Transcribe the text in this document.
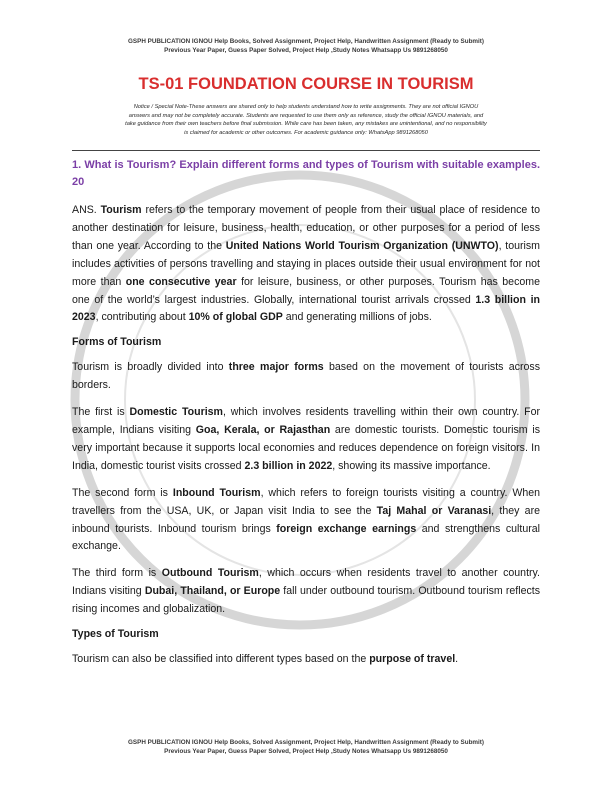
GSPH PUBLICATION IGNOU Help Books, Solved Assignment, Project Help, Handwritten Assignment (Ready to Submit)
Previous Year Paper, Guess Paper Solved, Project Help ,Study Notes Whatsapp Us 9891268050
TS-01 FOUNDATION COURSE IN TOURISM
Notice / Special Note-These answers are shared only to help students understand how to write assignments. They are not official IGNOU
answers and may not be completely accurate. Students are requested to use them only as reference, study the official IGNOU materials, and
take guidance from their own teachers before final submission. While care has been taken, any mistakes are unintentional, and no responsibility
is claimed for academic or other outcomes. For academic guidance only: WhatsApp 9891268050
1. What is Tourism? Explain different forms and types of Tourism with suitable examples. 20

ANS. Tourism refers to the temporary movement of people from their usual place of residence to another destination for leisure, business, health, education, or other purposes for a period of less than one year. According to the United Nations World Tourism Organization (UNWTO), tourism includes activities of persons travelling and staying in places outside their usual environment for not more than one consecutive year for leisure, business, or other purposes. Tourism has become one of the world’s largest industries. Globally, international tourist arrivals crossed 1.3 billion in 2023, contributing about 10% of global GDP and generating millions of jobs.

Forms of Tourism

Tourism is broadly divided into three major forms based on the movement of tourists across borders.

The first is Domestic Tourism, which involves residents travelling within their own country. For example, Indians visiting Goa, Kerala, or Rajasthan are domestic tourists. Domestic tourism is very important because it supports local economies and reduces dependence on foreign visitors. In India, domestic tourist visits crossed 2.3 billion in 2022, showing its massive importance.

The second form is Inbound Tourism, which refers to foreign tourists visiting a country. When travellers from the USA, UK, or Japan visit India to see the Taj Mahal or Varanasi, they are inbound tourists. Inbound tourism brings foreign exchange earnings and strengthens cultural exchange.

The third form is Outbound Tourism, which occurs when residents travel to another country. Indians visiting Dubai, Thailand, or Europe fall under outbound tourism. Outbound tourism reflects rising incomes and globalization.

Types of Tourism

Tourism can also be classified into different types based on the purpose of travel.

GSPH PUBLICATION IGNOU Help Books, Solved Assignment, Project Help, Handwritten Assignment (Ready to Submit)
Previous Year Paper, Guess Paper Solved, Project Help ,Study Notes Whatsapp Us 9891268050
